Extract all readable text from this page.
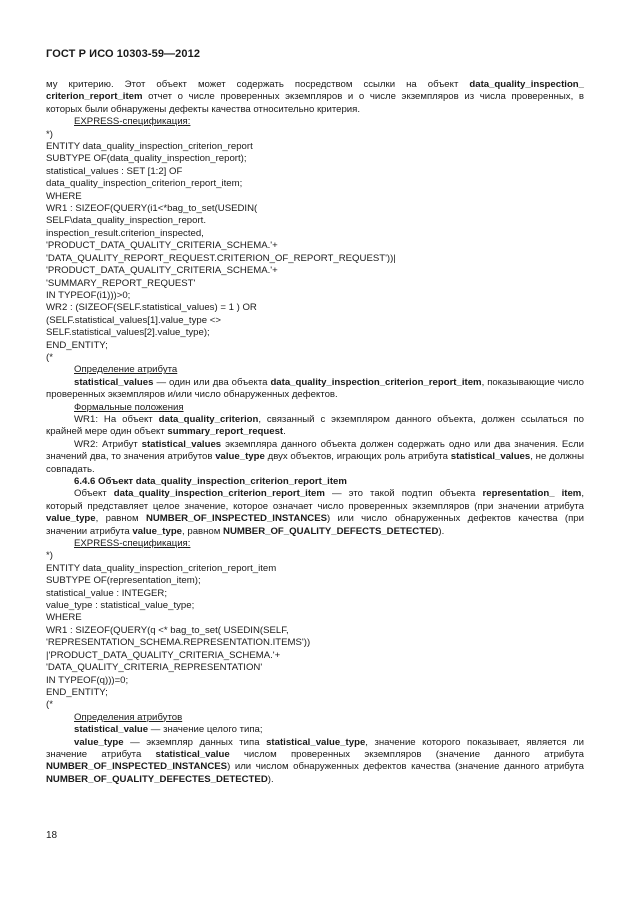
ГОСТ Р ИСО 10303-59—2012

му критерию. Этот объект может содержать посредством ссылки на объект data_quality_inspection_ criterion_report_item отчет о числе проверенных экземпляров и о числе экземпляров из числа проверенных, в которых были обнаружены дефекты качества относительно критерия.

EXPRESS-спецификация:

*)
ENTITY data_quality_inspection_criterion_report
SUBTYPE OF(data_quality_inspection_report);
statistical_values : SET [1:2] OF
data_quality_inspection_criterion_report_item;
WHERE
WR1 : SIZEOF(QUERY(i1<*bag_to_set(USEDIN(
SELF\data_quality_inspection_report.
inspection_result.criterion_inspected,
'PRODUCT_DATA_QUALITY_CRITERIA_SCHEMA.'+
'DATA_QUALITY_REPORT_REQUEST.CRITERION_OF_REPORT_REQUEST'))|
'PRODUCT_DATA_QUALITY_CRITERIA_SCHEMA.'+
'SUMMARY_REPORT_REQUEST'
IN TYPEOF(i1)))>0;
WR2 : (SIZEOF(SELF.statistical_values) = 1 ) OR
(SELF.statistical_values[1].value_type <>
SELF.statistical_values[2].value_type);
END_ENTITY;
(*

Определение атрибута

statistical_values — один или два объекта data_quality_inspection_criterion_report_item, показывающие число проверенных экземпляров и/или число обнаруженных дефектов.

Формальные положения

WR1: На объект data_quality_criterion, связанный с экземпляром данного объекта, должен ссылаться по крайней мере один объект summary_report_request.

WR2: Атрибут statistical_values экземпляра данного объекта должен содержать одно или два значения. Если значений два, то значения атрибутов value_type двух объектов, играющих роль атрибута statistical_values, не должны совпадать.

6.4.6 Объект data_quality_inspection_criterion_report_item

Объект data_quality_inspection_criterion_report_item — это такой подтип объекта representation_ item, который представляет целое значение, которое означает число проверенных экземпляров (при значении атрибута value_type, равном NUMBER_OF_INSPECTED_INSTANCES) или число обнаруженных дефектов качества (при значении атрибута value_type, равном NUMBER_OF_QUALITY_DEFECTS_DETECTED).

EXPRESS-спецификация:

*)
ENTITY data_quality_inspection_criterion_report_item
SUBTYPE OF(representation_item);
statistical_value : INTEGER;
value_type : statistical_value_type;
WHERE
WR1 : SIZEOF(QUERY(q <* bag_to_set( USEDIN(SELF,
'REPRESENTATION_SCHEMA.REPRESENTATION.ITEMS'))
|'PRODUCT_DATA_QUALITY_CRITERIA_SCHEMA.'+
'DATA_QUALITY_CRITERIA_REPRESENTATION'
IN TYPEOF(q)))=0;
END_ENTITY;
(*

Определения атрибутов

statistical_value — значение целого типа;

value_type — экземпляр данных типа statistical_value_type, значение которого показывает, является ли значение атрибута statistical_value числом проверенных экземпляров (значение данного атрибута NUMBER_OF_INSPECTED_INSTANCES) или числом обнаруженных дефектов качества (значение данного атрибута NUMBER_OF_QUALITY_DEFECTES_DETECTED).

18
